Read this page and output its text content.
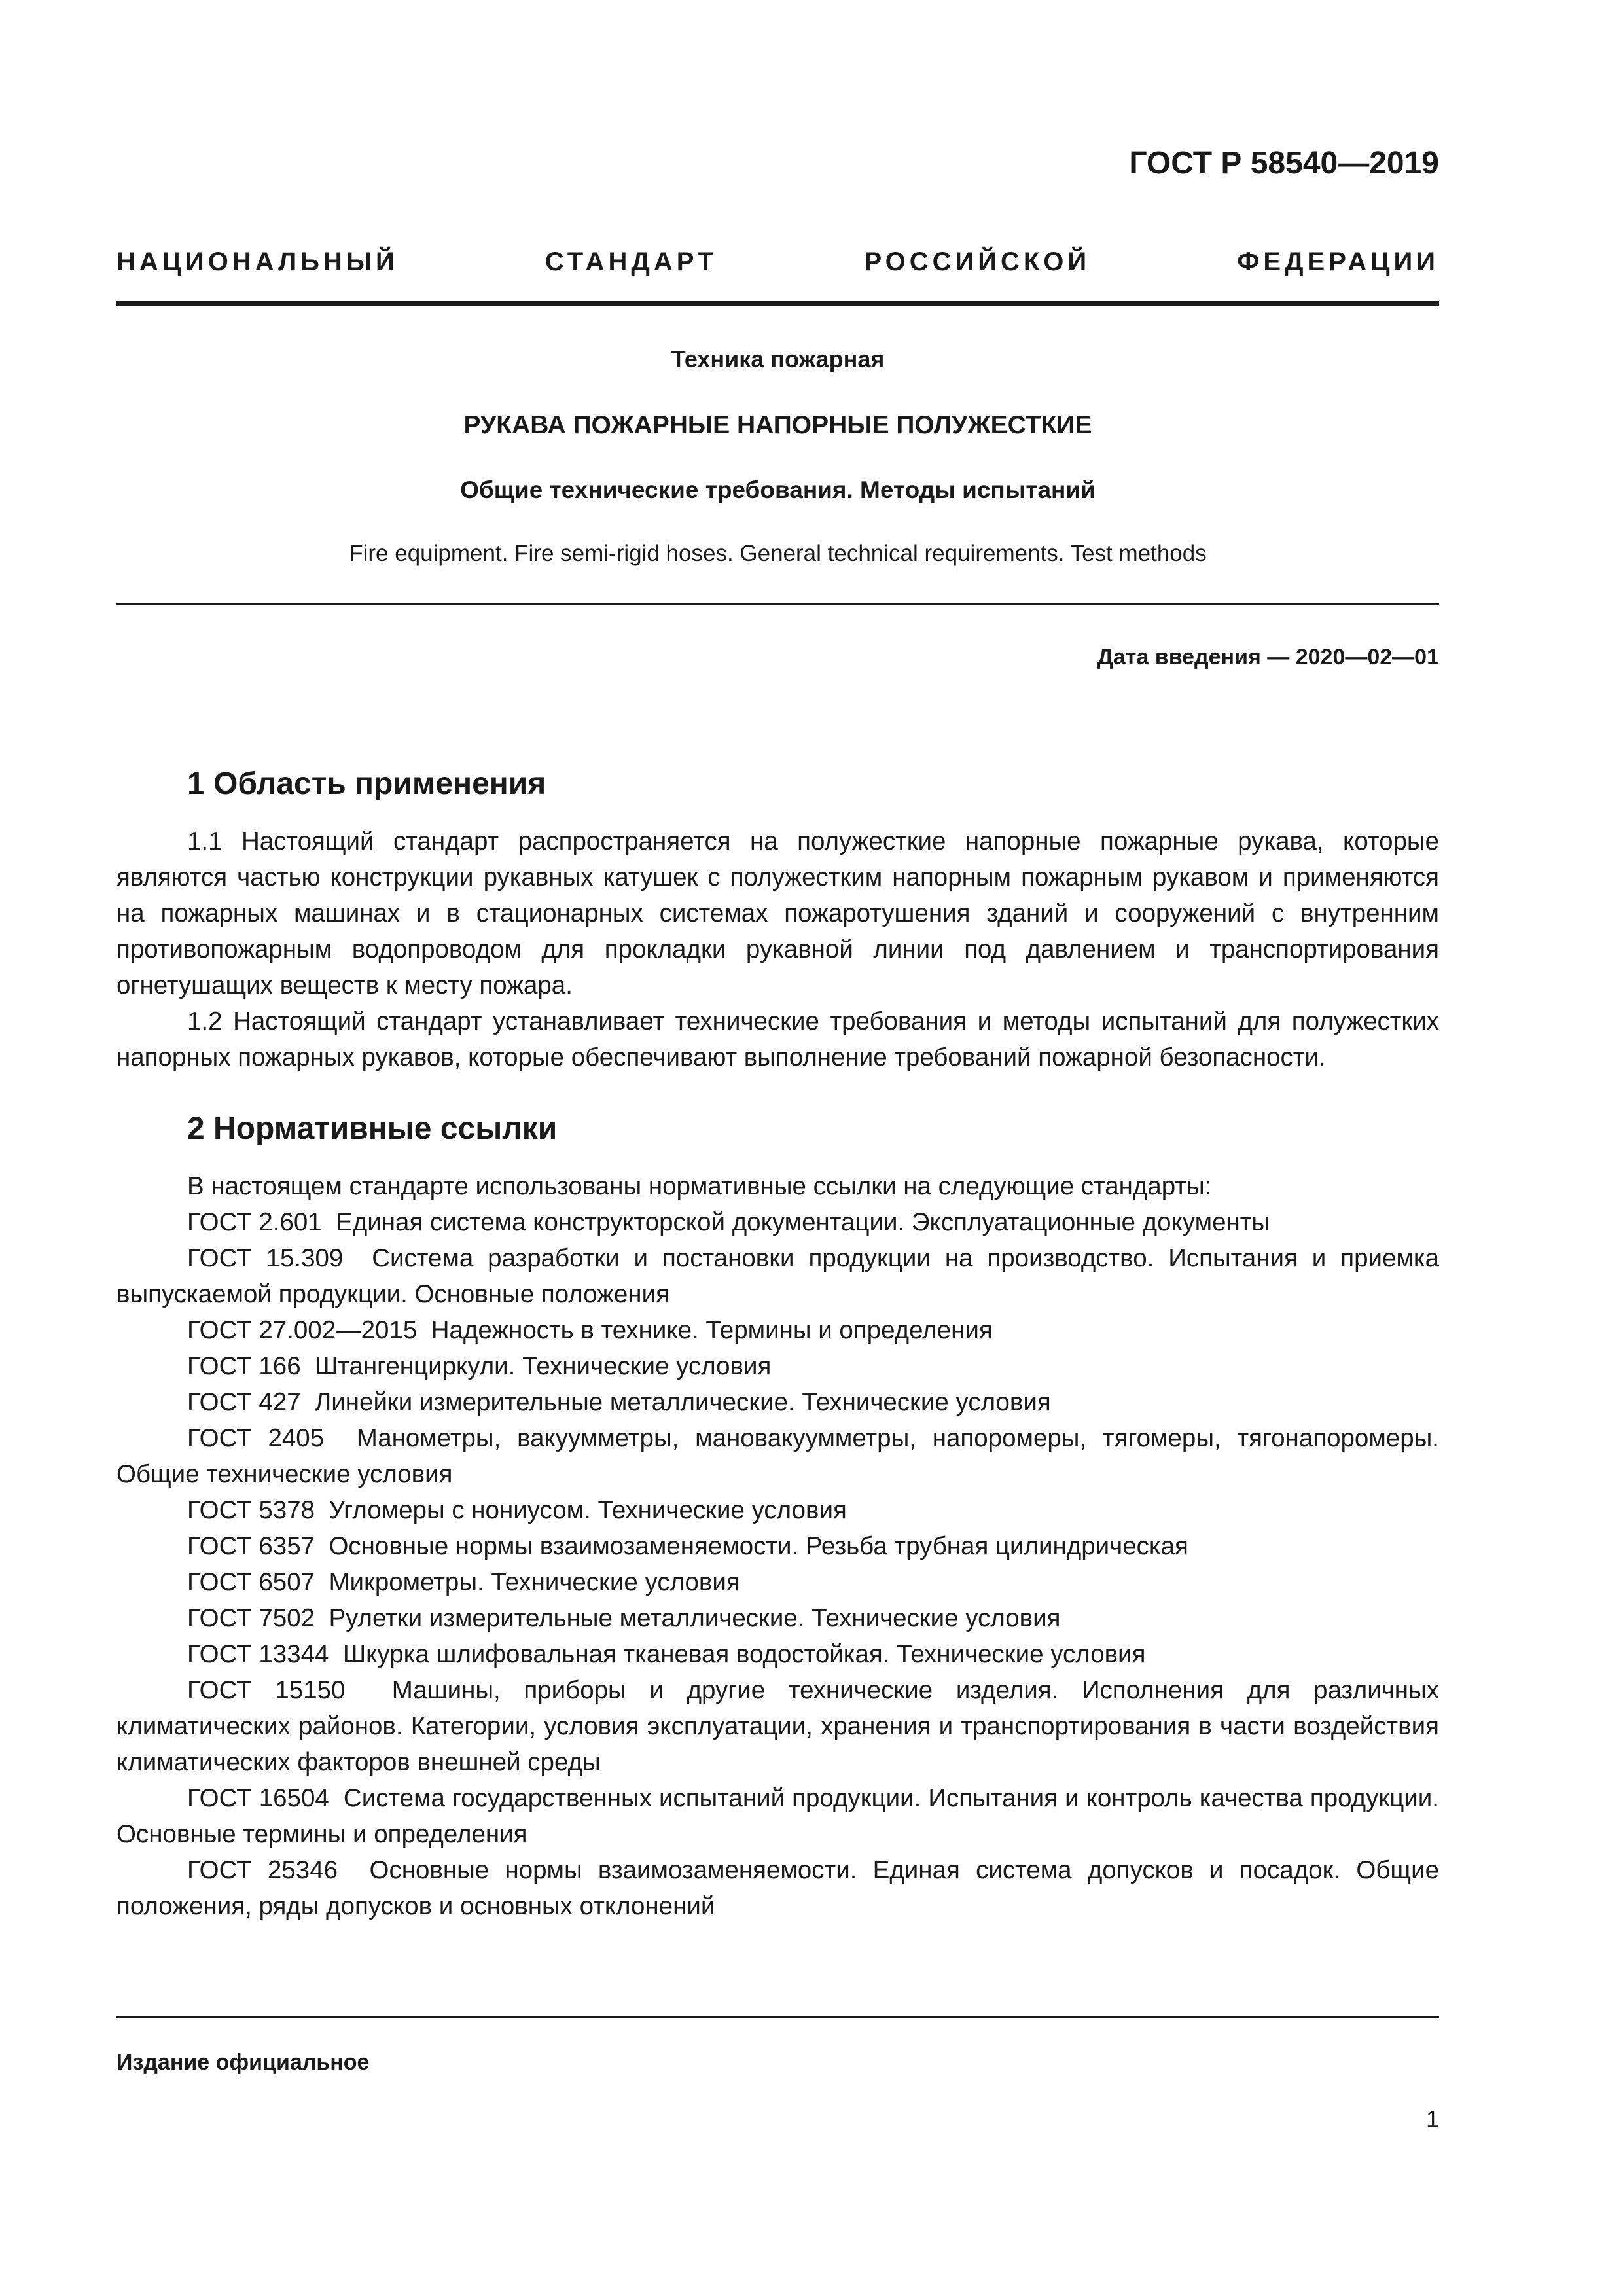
ГОСТ Р 58540—2019
НАЦИОНАЛЬНЫЙ СТАНДАРТ РОССИЙСКОЙ ФЕДЕРАЦИИ
Техника пожарная
РУКАВА ПОЖАРНЫЕ НАПОРНЫЕ ПОЛУЖЕСТКИЕ
Общие технические требования. Методы испытаний
Fire equipment. Fire semi-rigid hoses. General technical requirements. Test methods
Дата введения — 2020—02—01
1 Область применения

1.1 Настоящий стандарт распространяется на полужесткие напорные пожарные рукава, которые являются частью конструкции рукавных катушек с полужестким напорным пожарным рукавом и применяются на пожарных машинах и в стационарных системах пожаротушения зданий и сооружений с внутренним противопожарным водопроводом для прокладки рукавной линии под давлением и транспортирования огнетушащих веществ к месту пожара.

1.2 Настоящий стандарт устанавливает технические требования и методы испытаний для полужестких напорных пожарных рукавов, которые обеспечивают выполнение требований пожарной безопасности.

2 Нормативные ссылки

В настоящем стандарте использованы нормативные ссылки на следующие стандарты:

ГОСТ 2.601 Единая система конструкторской документации. Эксплуатационные документы

ГОСТ 15.309 Система разработки и постановки продукции на производство. Испытания и приемка выпускаемой продукции. Основные положения

ГОСТ 27.002—2015 Надежность в технике. Термины и определения

ГОСТ 166 Штангенциркули. Технические условия

ГОСТ 427 Линейки измерительные металлические. Технические условия

ГОСТ 2405 Манометры, вакуумметры, мановакуумметры, напоромеры, тягомеры, тягонапоромеры. Общие технические условия

ГОСТ 5378 Угломеры с нониусом. Технические условия

ГОСТ 6357 Основные нормы взаимозаменяемости. Резьба трубная цилиндрическая

ГОСТ 6507 Микрометры. Технические условия

ГОСТ 7502 Рулетки измерительные металлические. Технические условия

ГОСТ 13344 Шкурка шлифовальная тканевая водостойкая. Технические условия

ГОСТ 15150 Машины, приборы и другие технические изделия. Исполнения для различных климатических районов. Категории, условия эксплуатации, хранения и транспортирования в части воздействия климатических факторов внешней среды

ГОСТ 16504 Система государственных испытаний продукции. Испытания и контроль качества продукции. Основные термины и определения

ГОСТ 25346 Основные нормы взаимозаменяемости. Единая система допусков и посадок. Общие положения, ряды допусков и основных отклонений

Издание официальное
1
